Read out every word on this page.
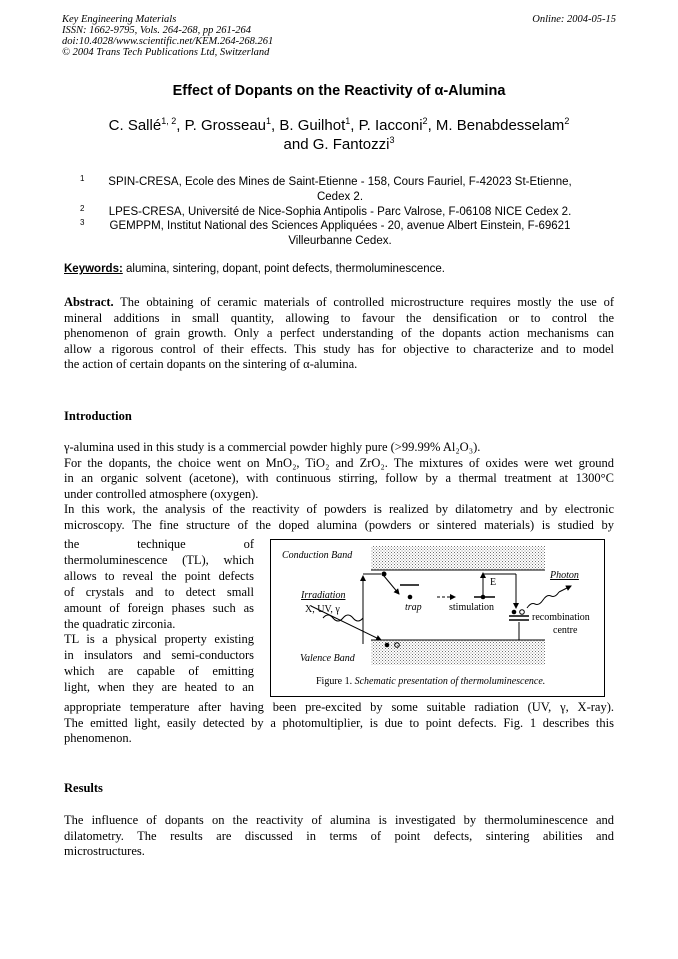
Key Engineering Materials
ISSN: 1662-9795, Vols. 264-268, pp 261-264
doi:10.4028/www.scientific.net/KEM.264-268.261
© 2004 Trans Tech Publications Ltd, Switzerland
Online: 2004-05-15
Effect of Dopants on the Reactivity of α-Alumina
C. Sallé$^{1, 2}$, P. Grosseau$^1$, B. Guilhot$^1$, P. Iacconi$^2$, M. Benabdesselam$^2$
and G. Fantozzi$^3$
1	SPIN-CRESA, Ecole des Mines de Saint-Etienne - 158, Cours Fauriel, F-42023 St-Etienne,
Cedex 2.
2	LPES-CRESA, Université de Nice-Sophia Antipolis - Parc Valrose, F-06108 NICE Cedex 2.
3	GEMPPM, Institut National des Sciences Appliquées - 20, avenue Albert Einstein, F-69621
Villeurbanne Cedex.
Keywords: alumina, sintering, dopant, point defects, thermoluminescence.
Abstract. The obtaining of ceramic materials of controlled microstructure requires mostly the use of
mineral additions in small quantity, allowing to favour the densification or to control the
phenomenon of grain growth. Only a perfect understanding of the dopants action mechanisms can
allow a rigorous control of their effects. This study has for objective to characterize and to model
the action of certain dopants on the sintering of α-alumina.
Introduction
γ-alumina used in this study is a commercial powder highly pure (>99.99% Al₂O₃).
For the dopants, the choice went on MnO₂, TiO₂ and ZrO₂. The mixtures of oxides were wet ground
in an organic solvent (acetone), with continuous stirring, follow by a thermal treatment at 1300°C
under controlled atmosphere (oxygen).
In this work, the analysis of the reactivity of powders is realized by dilatometry and by electronic
microscopy. The fine structure of the doped alumina (powders or sintered materials) is studied by
the technique of
thermoluminescence (TL), which
allows to reveal the point defects
of crystals and to detect small
amount of foreign phases such as
the quadratic zirconia.
TL is a physical property existing
in insulators and semi-conductors
which are capable of emitting
light, when they are heated to an
Conduction Band
Valence Band
Irradiation
X, UV, γ	trap	stimulation
E
recombination
centre
Photon
Figure 1. Schematic presentation of thermoluminescence.
appropriate temperature after having been pre-excited by some suitable radiation (UV, γ, X-ray).
The emitted light, easily detected by a photomultiplier, is due to point defects. Fig. 1 describes this
phenomenon.
Results
The influence of dopants on the reactivity of alumina is investigated by thermoluminescence and
dilatometry. The results are discussed in terms of point defects, sintering abilities and
microstructures.
